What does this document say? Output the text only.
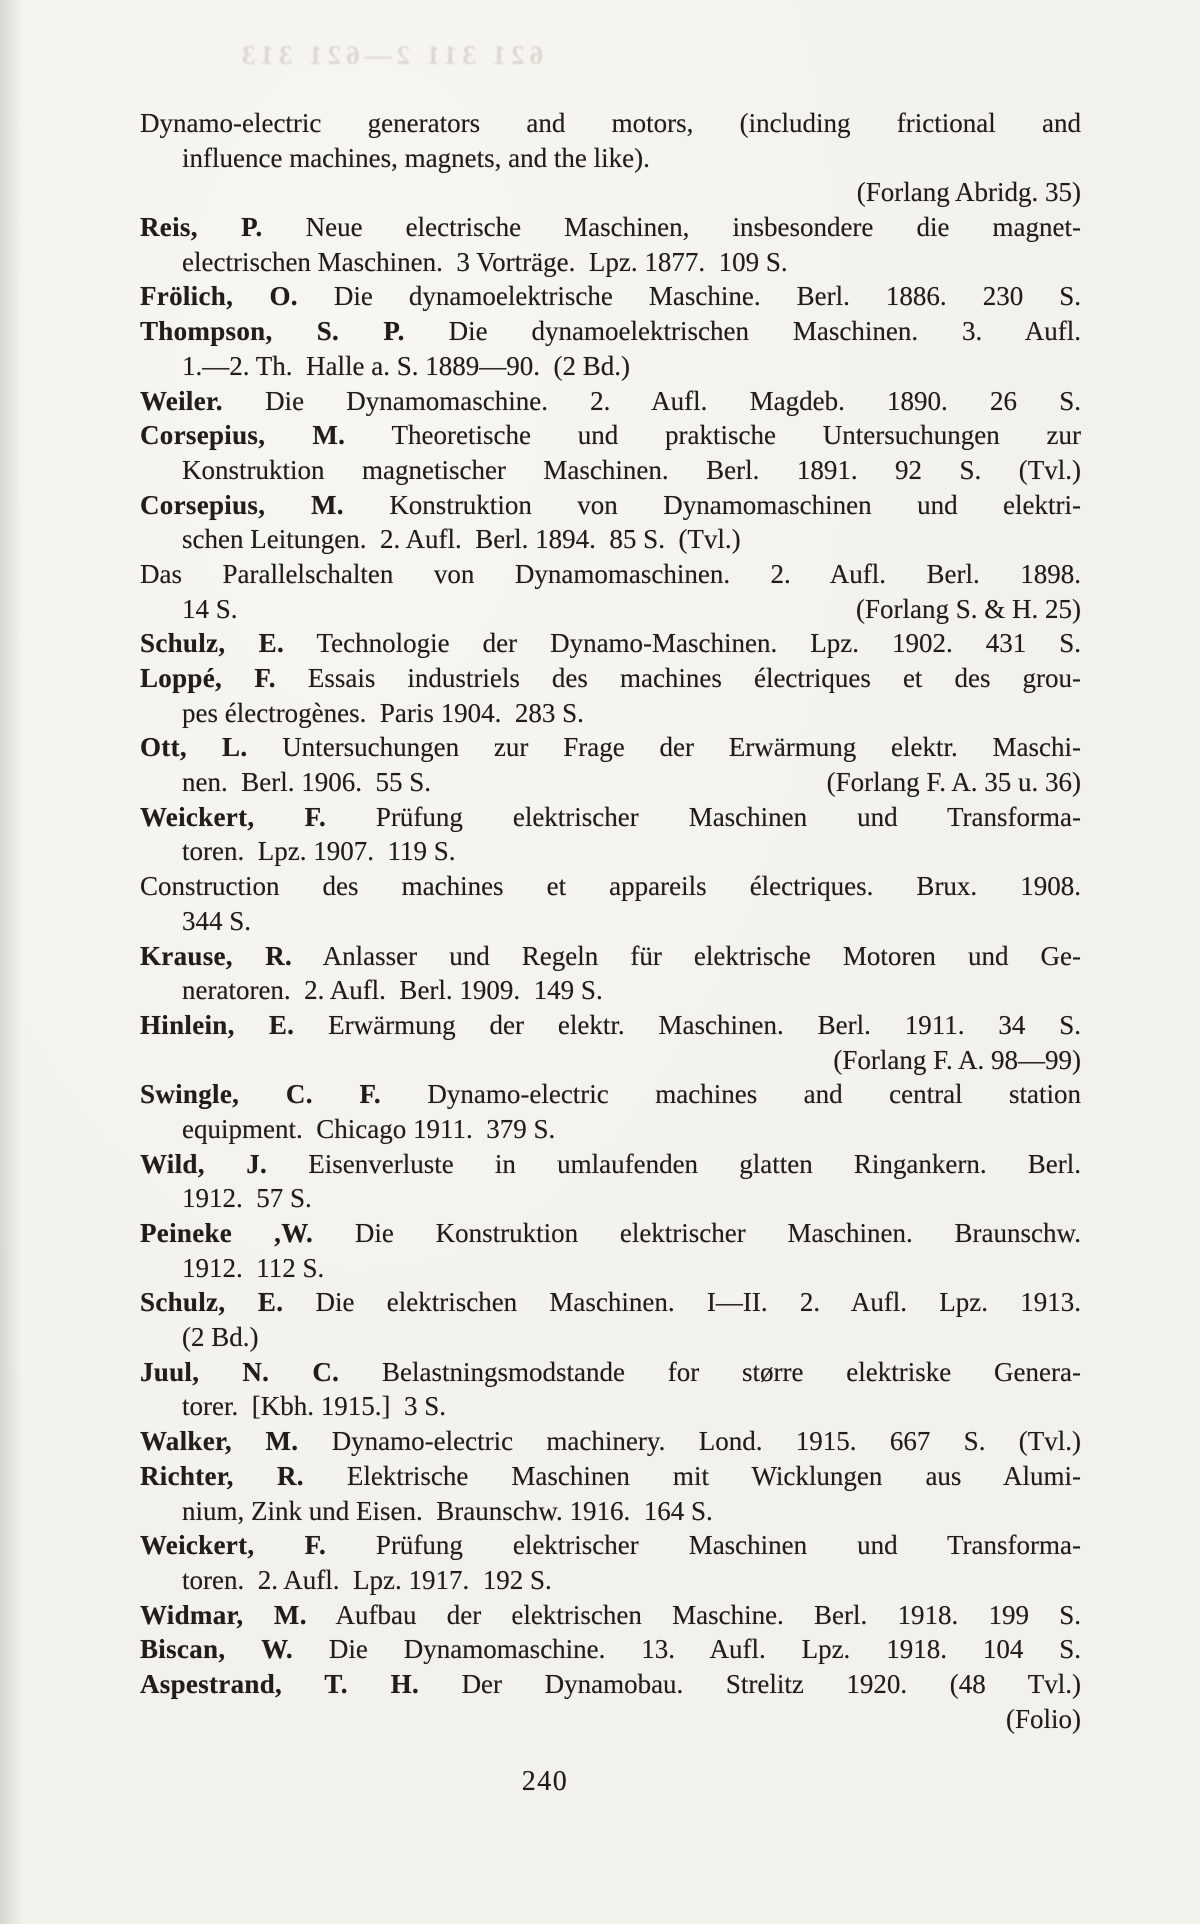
621 311 2—621 313
Dynamo-electric generators and motors, (including frictional and
influence machines, magnets, and the like).
(Forlang Abridg. 35)
Reis, P. Neue electrische Maschinen, insbesondere die magnet-
electrischen Maschinen.  3 Vorträge.  Lpz. 1877.  109 S.
Frölich, O. Die dynamoelektrische Maschine. Berl. 1886. 230 S.
Thompson, S. P. Die dynamoelektrischen Maschinen. 3. Aufl.
1.—2. Th.  Halle a. S. 1889—90.  (2 Bd.)
Weiler. Die Dynamomaschine. 2. Aufl. Magdeb. 1890. 26 S.
Corsepius, M. Theoretische und praktische Untersuchungen zur
Konstruktion magnetischer Maschinen. Berl. 1891. 92 S. (Tvl.)
Corsepius, M. Konstruktion von Dynamomaschinen und elektri-
schen Leitungen.  2. Aufl.  Berl. 1894.  85 S.  (Tvl.)
Das Parallelschalten von Dynamomaschinen. 2. Aufl. Berl. 1898.
14 S.	(Forlang S. & H. 25)
Schulz, E. Technologie der Dynamo-Maschinen. Lpz. 1902. 431 S.
Loppé, F. Essais industriels des machines électriques et des grou-
pes électrogènes.  Paris 1904.  283 S.
Ott, L. Untersuchungen zur Frage der Erwärmung elektr. Maschi-
nen.  Berl. 1906.  55 S.	(Forlang F. A. 35 u. 36)
Weickert, F. Prüfung elektrischer Maschinen und Transforma-
toren.  Lpz. 1907.  119 S.
Construction des machines et appareils électriques. Brux. 1908.
344 S.
Krause, R. Anlasser und Regeln für elektrische Motoren und Ge-
neratoren.  2. Aufl.  Berl. 1909.  149 S.
Hinlein, E. Erwärmung der elektr. Maschinen. Berl. 1911. 34 S.
(Forlang F. A. 98—99)
Swingle, C. F. Dynamo-electric machines and central station
equipment.  Chicago 1911.  379 S.
Wild, J. Eisenverluste in umlaufenden glatten Ringankern. Berl.
1912.  57 S.
Peineke ,W. Die Konstruktion elektrischer Maschinen. Braunschw.
1912.  112 S.
Schulz, E. Die elektrischen Maschinen. I—II. 2. Aufl. Lpz. 1913.
(2 Bd.)
Juul, N. C. Belastningsmodstande for større elektriske Genera-
torer.  [Kbh. 1915.]  3 S.
Walker, M. Dynamo-electric machinery. Lond. 1915. 667 S. (Tvl.)
Richter, R. Elektrische Maschinen mit Wicklungen aus Alumi-
nium, Zink und Eisen.  Braunschw. 1916.  164 S.
Weickert, F. Prüfung elektrischer Maschinen und Transforma-
toren.  2. Aufl.  Lpz. 1917.  192 S.
Widmar, M. Aufbau der elektrischen Maschine. Berl. 1918. 199 S.
Biscan, W. Die Dynamomaschine. 13. Aufl. Lpz. 1918. 104 S.
Aspestrand, T. H. Der Dynamobau. Strelitz 1920. (48 Tvl.)
(Folio)
240
